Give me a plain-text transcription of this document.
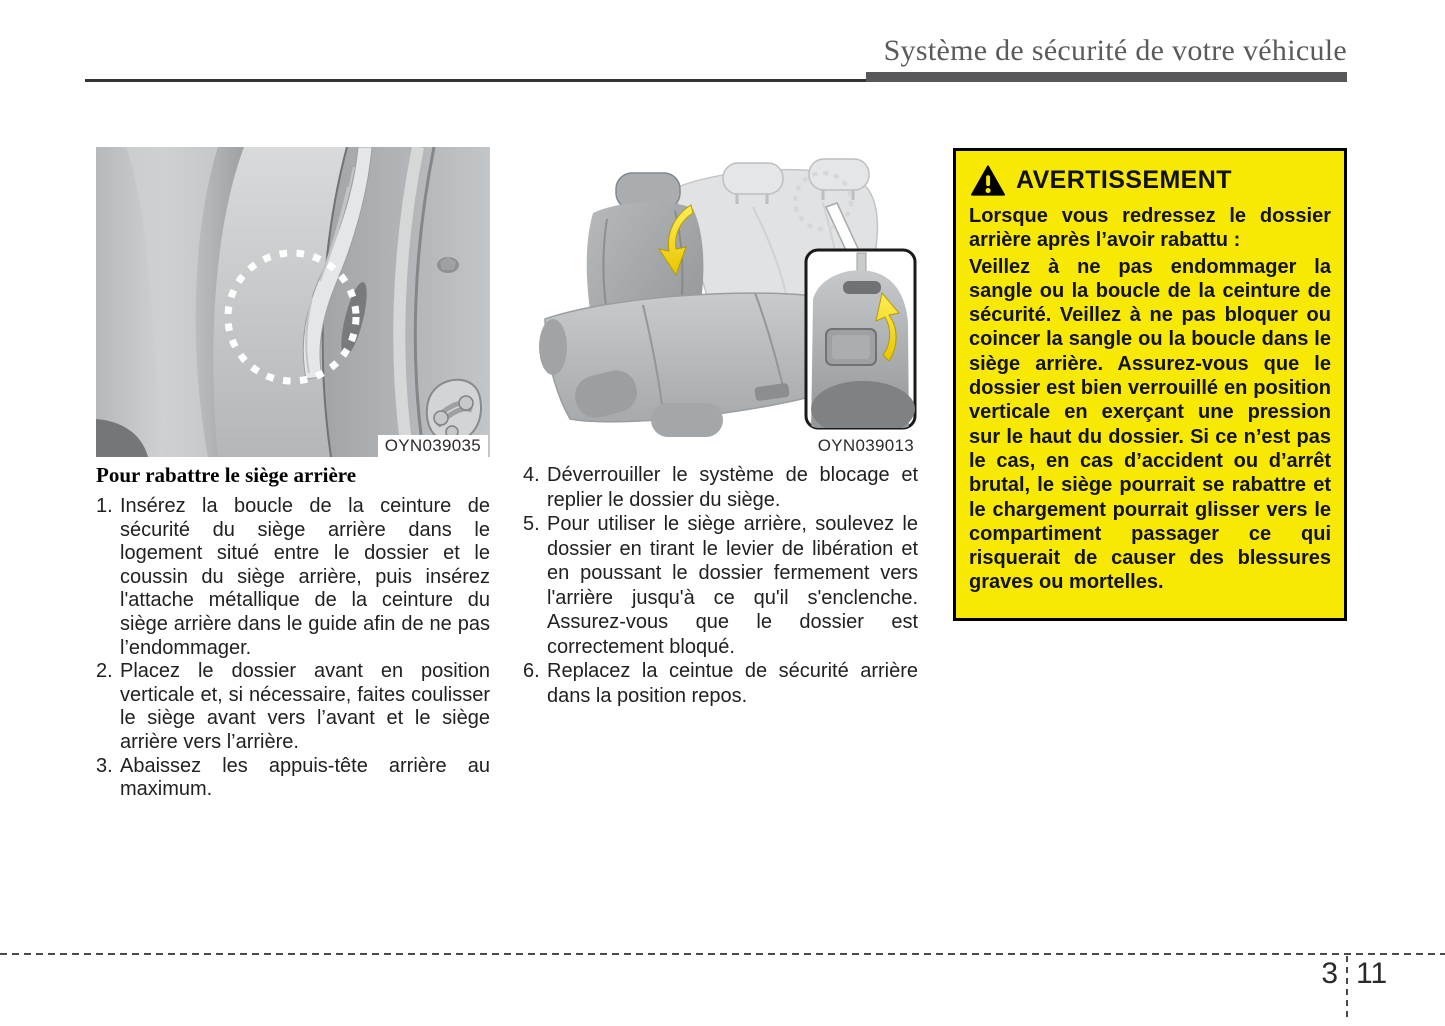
Système de sécurité de votre véhicule
OYN039035	OYN039013
Pour rabattre le siège arrière
1. Insérez la boucle de la ceinture de sécurité du siège arrière dans le logement situé entre le dossier et le coussin du siège arrière, puis insérez l'attache métallique de la ceinture du siège arrière dans le guide afin de ne pas l’endommager.
2. Placez le dossier avant en position verticale et, si nécessaire, faites coulisser le siège avant vers l’avant et le siège arrière vers l’arrière.
3. Abaissez les appuis-tête arrière au maximum.
4. Déverrouiller le système de blocage et replier le dossier du siège.
5. Pour utiliser le siège arrière, soulevez le dossier en tirant le levier de libération et en poussant le dossier fermement vers l'arrière jusqu'à ce qu'il s'enclenche. Assurez-vous que le dossier est correctement bloqué.
6. Replacez la ceintue de sécurité arrière dans la position repos.
AVERTISSEMENT

Lorsque vous redressez le dossier arrière après l’avoir rabattu :

Veillez à ne pas endommager la sangle ou la boucle de la ceinture de sécurité. Veillez à ne pas bloquer ou coincer la sangle ou la boucle dans le siège arrière. Assurez-vous que le dossier est bien verrouillé en position verticale en exerçant une pression sur le haut du dossier. Si ce n’est pas le cas, en cas d’accident ou d’arrêt brutal, le siège pourrait se rabattre et le chargement pourrait glisser vers le compartiment passager ce qui risquerait de causer des blessures graves ou mortelles.

3 11
